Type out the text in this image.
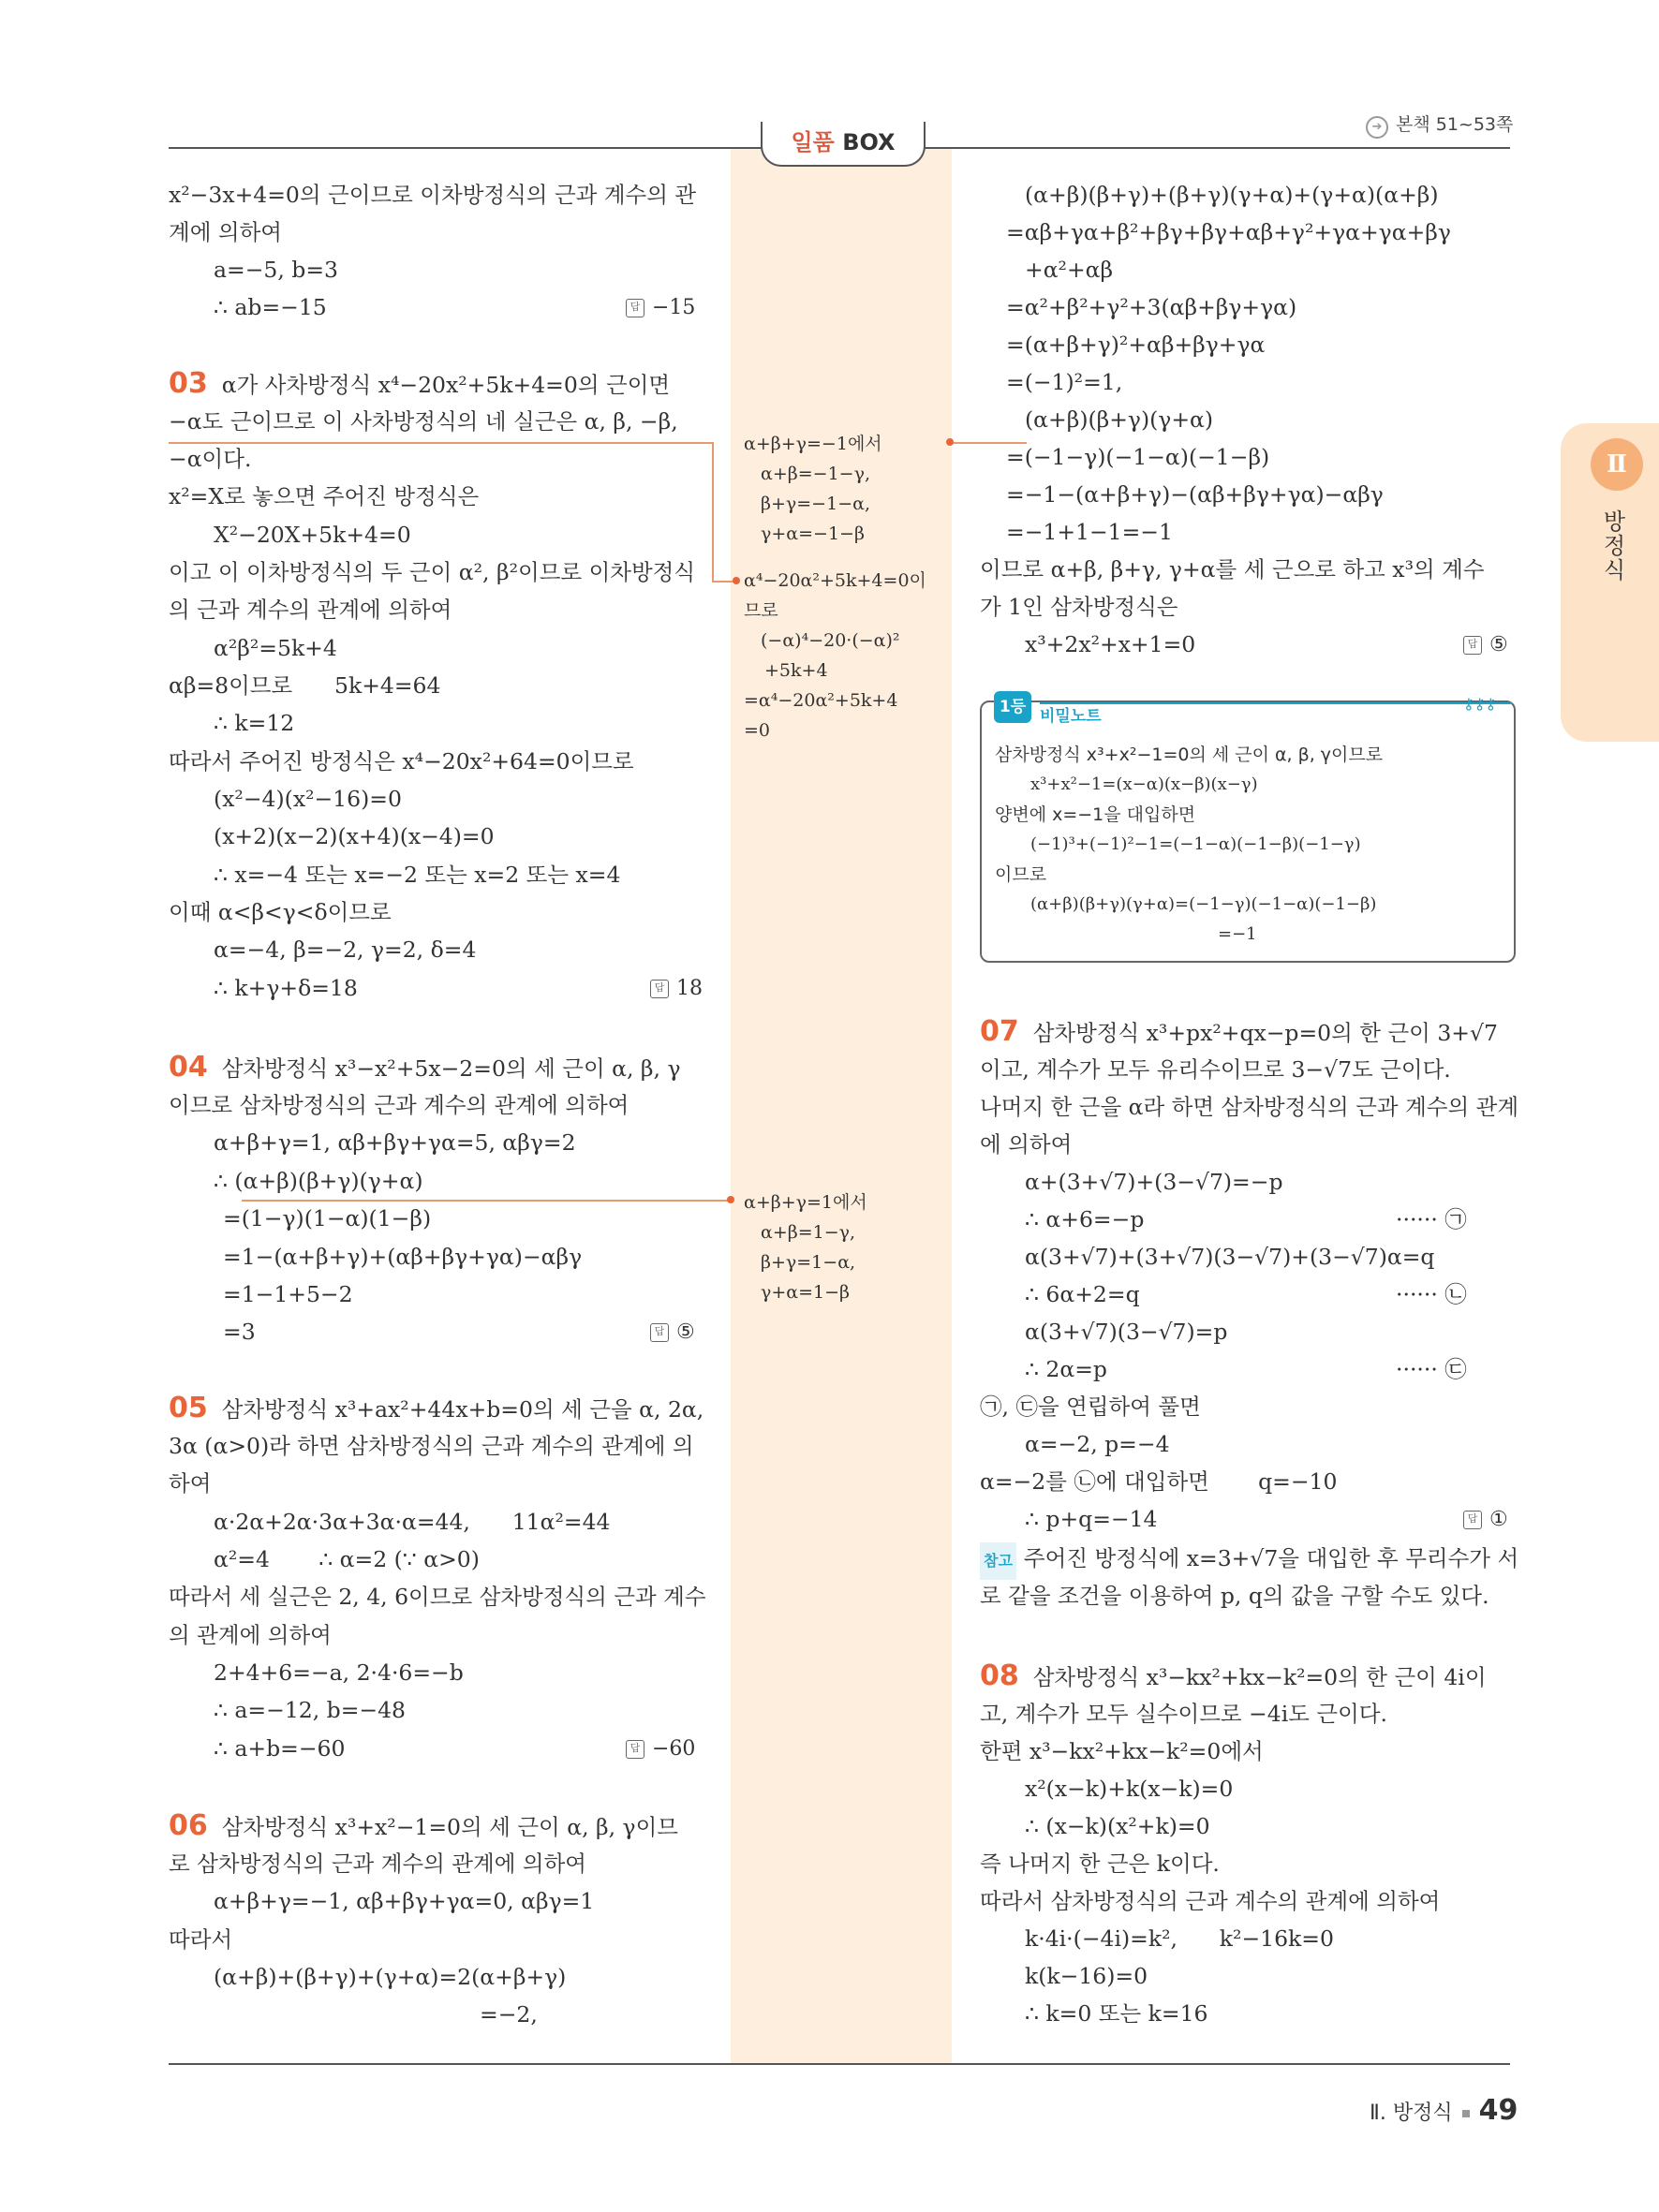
일품 BOX
➔ 본책 51~53쪽
Ⅱ
방정식
x²−3x+4=0의 근이므로 이차방정식의 근과 계수의 관
계에 의하여
a=−5, b=3
∴ ab=−15	답 −15
03 α가 사차방정식 x⁴−20x²+5k+4=0의 근이면
−α도 근이므로 이 사차방정식의 네 실근은 α, β, −β,
−α이다.
x²=X로 놓으면 주어진 방정식은
X²−20X+5k+4=0
이고 이 이차방정식의 두 근이 α², β²이므로 이차방정식
의 근과 계수의 관계에 의하여
α²β²=5k+4
αβ=8이므로      5k+4=64
∴ k=12
따라서 주어진 방정식은 x⁴−20x²+64=0이므로
(x²−4)(x²−16)=0
(x+2)(x−2)(x+4)(x−4)=0
∴ x=−4 또는 x=−2 또는 x=2 또는 x=4
이때 α<β<γ<δ이므로
α=−4, β=−2, γ=2, δ=4
∴ k+γ+δ=18	답 18
04 삼차방정식 x³−x²+5x−2=0의 세 근이 α, β, γ
이므로 삼차방정식의 근과 계수의 관계에 의하여
α+β+γ=1, αβ+βγ+γα=5, αβγ=2
∴ (α+β)(β+γ)(γ+α)
=(1−γ)(1−α)(1−β)
=1−(α+β+γ)+(αβ+βγ+γα)−αβγ
=1−1+5−2
=3	답 ⑤
05 삼차방정식 x³+ax²+44x+b=0의 세 근을 α, 2α,
3α (α>0)라 하면 삼차방정식의 근과 계수의 관계에 의
하여
α·2α+2α·3α+3α·α=44,      11α²=44
α²=4       ∴ α=2 (∵ α>0)
따라서 세 실근은 2, 4, 6이므로 삼차방정식의 근과 계수
의 관계에 의하여
2+4+6=−a, 2·4·6=−b
∴ a=−12, b=−48
∴ a+b=−60	답 −60
06 삼차방정식 x³+x²−1=0의 세 근이 α, β, γ이므
로 삼차방정식의 근과 계수의 관계에 의하여
α+β+γ=−1, αβ+βγ+γα=0, αβγ=1
따라서
(α+β)+(β+γ)+(γ+α)=2(α+β+γ)
=−2,
α+β+γ=−1에서
α+β=−1−γ,
β+γ=−1−α,
γ+α=−1−β
α⁴−20α²+5k+4=0이
므로
(−α)⁴−20·(−α)²
+5k+4
=α⁴−20α²+5k+4
=0
α+β+γ=1에서
α+β=1−γ,
β+γ=1−α,
γ+α=1−β
(α+β)(β+γ)+(β+γ)(γ+α)+(γ+α)(α+β)
=αβ+γα+β²+βγ+βγ+αβ+γ²+γα+γα+βγ
+α²+αβ
=α²+β²+γ²+3(αβ+βγ+γα)
=(α+β+γ)²+αβ+βγ+γα
=(−1)²=1,
(α+β)(β+γ)(γ+α)
=(−1−γ)(−1−α)(−1−β)
=−1−(α+β+γ)−(αβ+βγ+γα)−αβγ
=−1+1−1=−1
이므로 α+β, β+γ, γ+α를 세 근으로 하고 x³의 계수
가 1인 삼차방정식은
x³+2x²+x+1=0	답 ⑤
1등급
비밀노트
⚷⚷⚷
삼차방정식 x³+x²−1=0의 세 근이 α, β, γ이므로
x³+x²−1=(x−α)(x−β)(x−γ)
양변에 x=−1을 대입하면
(−1)³+(−1)²−1=(−1−α)(−1−β)(−1−γ)
이므로
(α+β)(β+γ)(γ+α)=(−1−γ)(−1−α)(−1−β)
=−1
07 삼차방정식 x³+px²+qx−p=0의 한 근이 3+√7
이고, 계수가 모두 유리수이므로 3−√7도 근이다.
나머지 한 근을 α라 하면 삼차방정식의 근과 계수의 관계
에 의하여
α+(3+√7)+(3−√7)=−p
∴ α+6=−p	······ ㉠
α(3+√7)+(3+√7)(3−√7)+(3−√7)α=q
∴ 6α+2=q	······ ㉡
α(3+√7)(3−√7)=p
∴ 2α=p	······ ㉢
㉠, ㉢을 연립하여 풀면
α=−2, p=−4
α=−2를 ㉡에 대입하면       q=−10
∴ p+q=−14	답 ①
참고 주어진 방정식에 x=3+√7을 대입한 후 무리수가 서
로 같을 조건을 이용하여 p, q의 값을 구할 수도 있다.
08 삼차방정식 x³−kx²+kx−k²=0의 한 근이 4i이
고, 계수가 모두 실수이므로 −4i도 근이다.
한편 x³−kx²+kx−k²=0에서
x²(x−k)+k(x−k)=0
∴ (x−k)(x²+k)=0
즉 나머지 한 근은 k이다.
따라서 삼차방정식의 근과 계수의 관계에 의하여
k·4i·(−4i)=k²,      k²−16k=0
k(k−16)=0
∴ k=0 또는 k=16
Ⅱ. 방정식 49
